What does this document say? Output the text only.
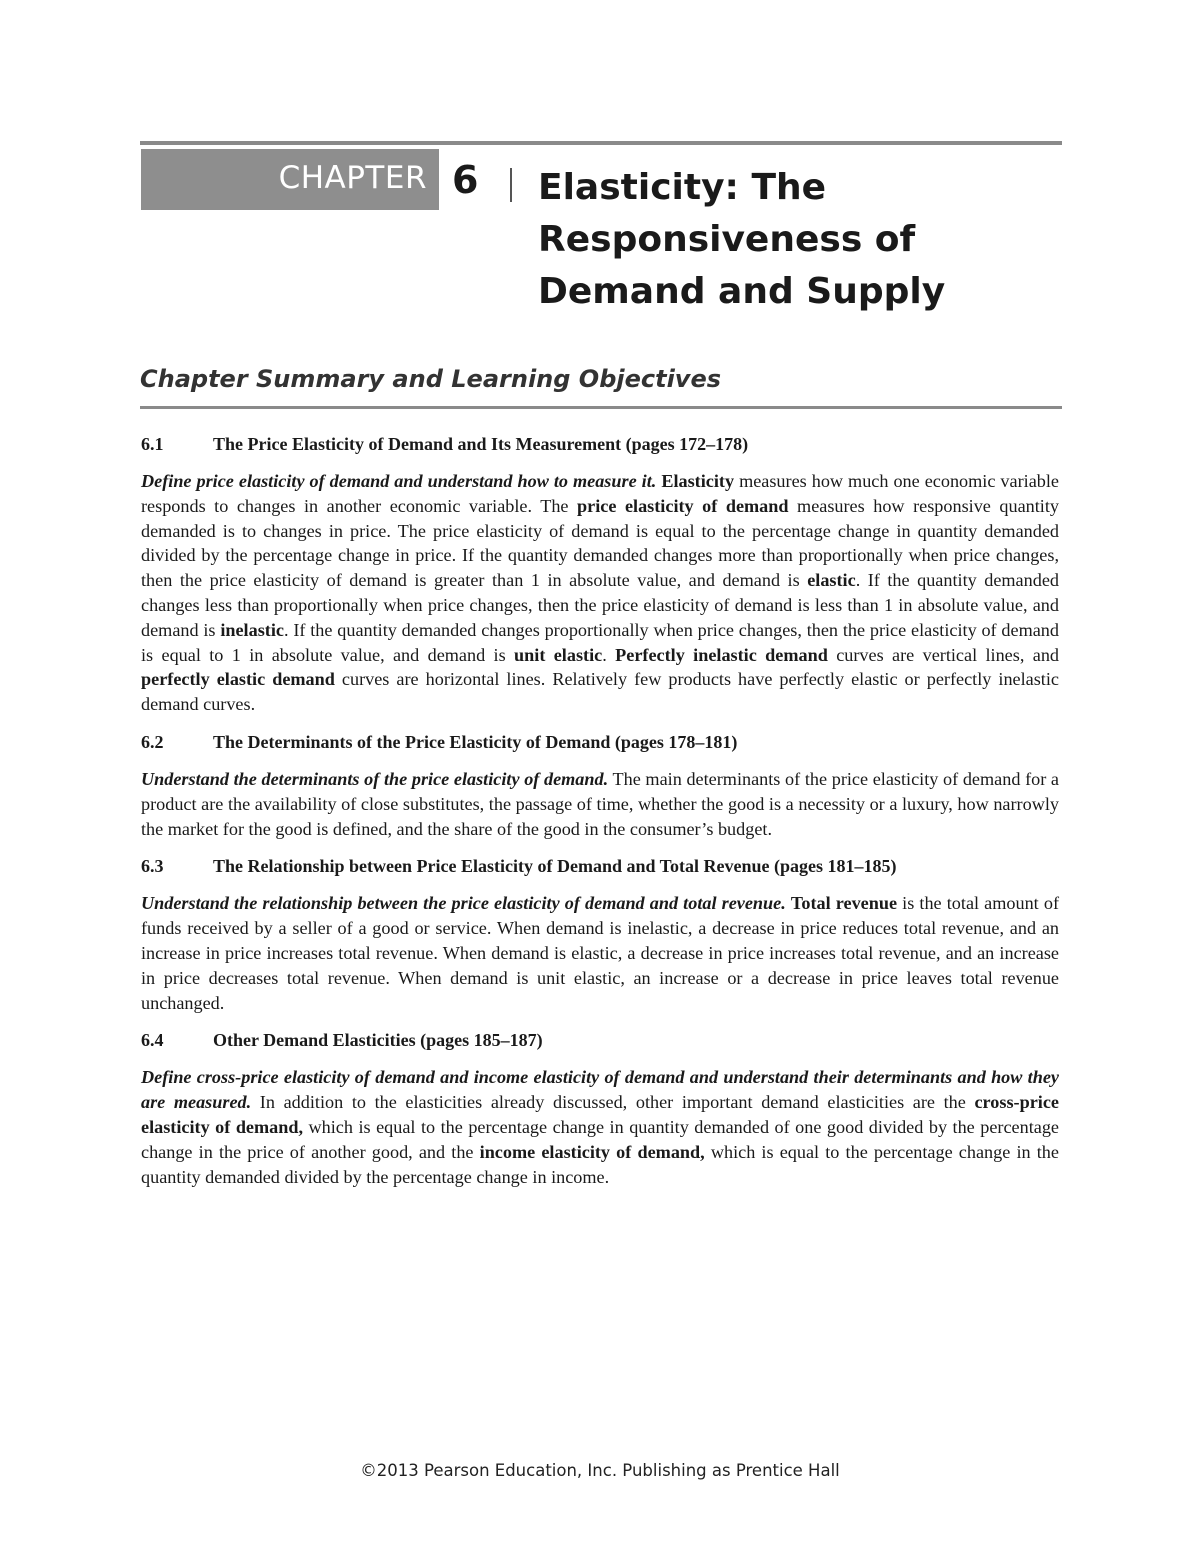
CHAPTER 6 Elasticity: The
Responsiveness of
Demand and Supply
Chapter Summary and Learning Objectives
6.1	The Price Elasticity of Demand and Its Measurement (pages 172–178)

Define price elasticity of demand and understand how to measure it. Elasticity measures how much one economic variable responds to changes in another economic variable. The price elasticity of demand measures how responsive quantity demanded is to changes in price. The price elasticity of demand is equal to the percentage change in quantity demanded divided by the percentage change in price. If the quantity demanded changes more than proportionally when price changes, then the price elasticity of demand is greater than 1 in absolute value, and demand is elastic. If the quantity demanded changes less than proportionally when price changes, then the price elasticity of demand is less than 1 in absolute value, and demand is inelastic. If the quantity demanded changes proportionally when price changes, then the price elasticity of demand is equal to 1 in absolute value, and demand is unit elastic. Perfectly inelastic demand curves are vertical lines, and perfectly elastic demand curves are horizontal lines. Relatively few products have perfectly elastic or perfectly inelastic demand curves.

6.2	The Determinants of the Price Elasticity of Demand (pages 178–181)

Understand the determinants of the price elasticity of demand. The main determinants of the price elasticity of demand for a product are the availability of close substitutes, the passage of time, whether the good is a necessity or a luxury, how narrowly the market for the good is defined, and the share of the good in the consumer’s budget.

6.3	The Relationship between Price Elasticity of Demand and Total Revenue (pages 181–185)

Understand the relationship between the price elasticity of demand and total revenue. Total revenue is the total amount of funds received by a seller of a good or service. When demand is inelastic, a decrease in price reduces total revenue, and an increase in price increases total revenue. When demand is elastic, a decrease in price increases total revenue, and an increase in price decreases total revenue. When demand is unit elastic, an increase or a decrease in price leaves total revenue unchanged.

6.4	Other Demand Elasticities (pages 185–187)

Define cross-price elasticity of demand and income elasticity of demand and understand their determinants and how they are measured. In addition to the elasticities already discussed, other important demand elasticities are the cross-price elasticity of demand, which is equal to the percentage change in quantity demanded of one good divided by the percentage change in the price of another good, and the income elasticity of demand, which is equal to the percentage change in the quantity demanded divided by the percentage change in income.

©2013 Pearson Education, Inc. Publishing as Prentice Hall
